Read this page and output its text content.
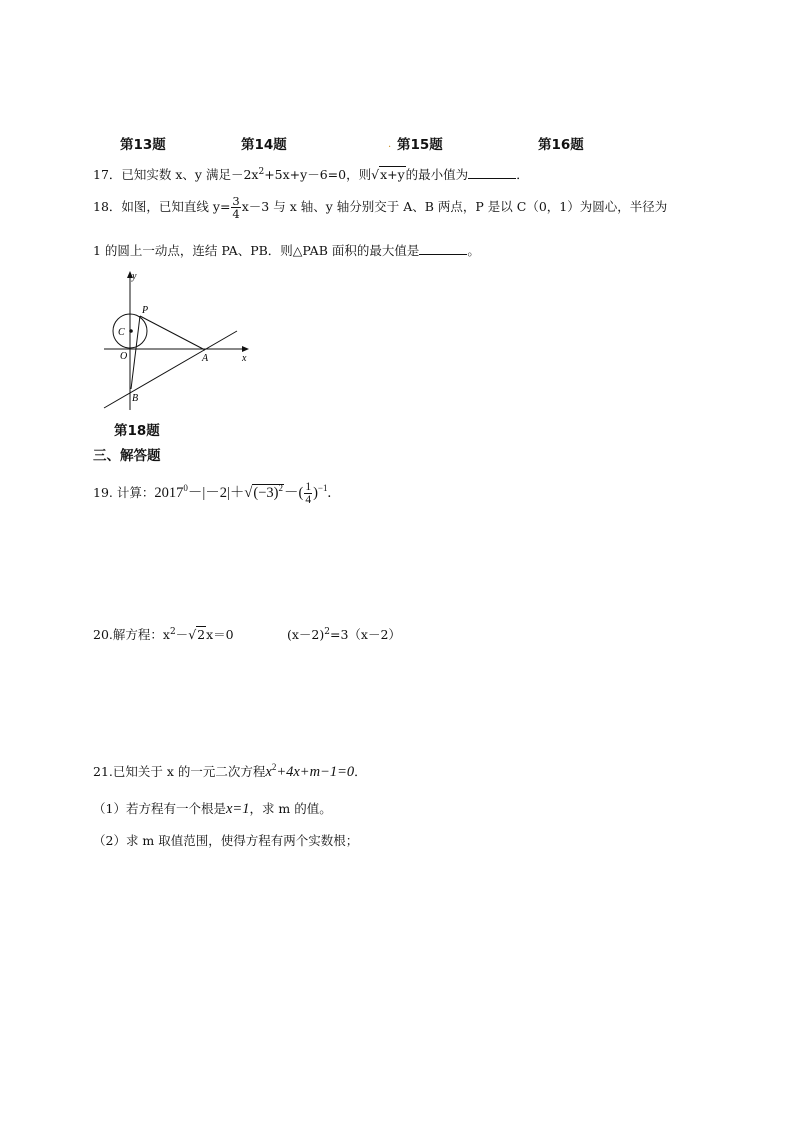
第13题	第14题	. 第15题	第16题
17．已知实数 x、y 满足$-2x^2+5x+y-6=0$，则√x+y的最小值为	．
18．如图，已知直线 $y= \frac{3}{4} x-3$ 与 x 轴、y 轴分别交于 A、B 两点，P 是以 C（0，1）为圆心，半径为
1 的圆上一动点，连结 PA、PB．则△PAB 面积的最大值是	。
y
x
C
P
O	A
B
第18题
三、解答题
19. 计算：$2017^0-|-2|+√(-3)^2-( \frac{1}{4} )^{-1}$.
20.解方程：$x^2-√2x=0$	$(x-2)^2=3(x-2)$
21.已知关于 x 的一元二次方程$x^2+4x+m-1=0$．
（1）若方程有一个根是x=1，求 m 的值。
（2）求 m 取值范围，使得方程有两个实数根；
